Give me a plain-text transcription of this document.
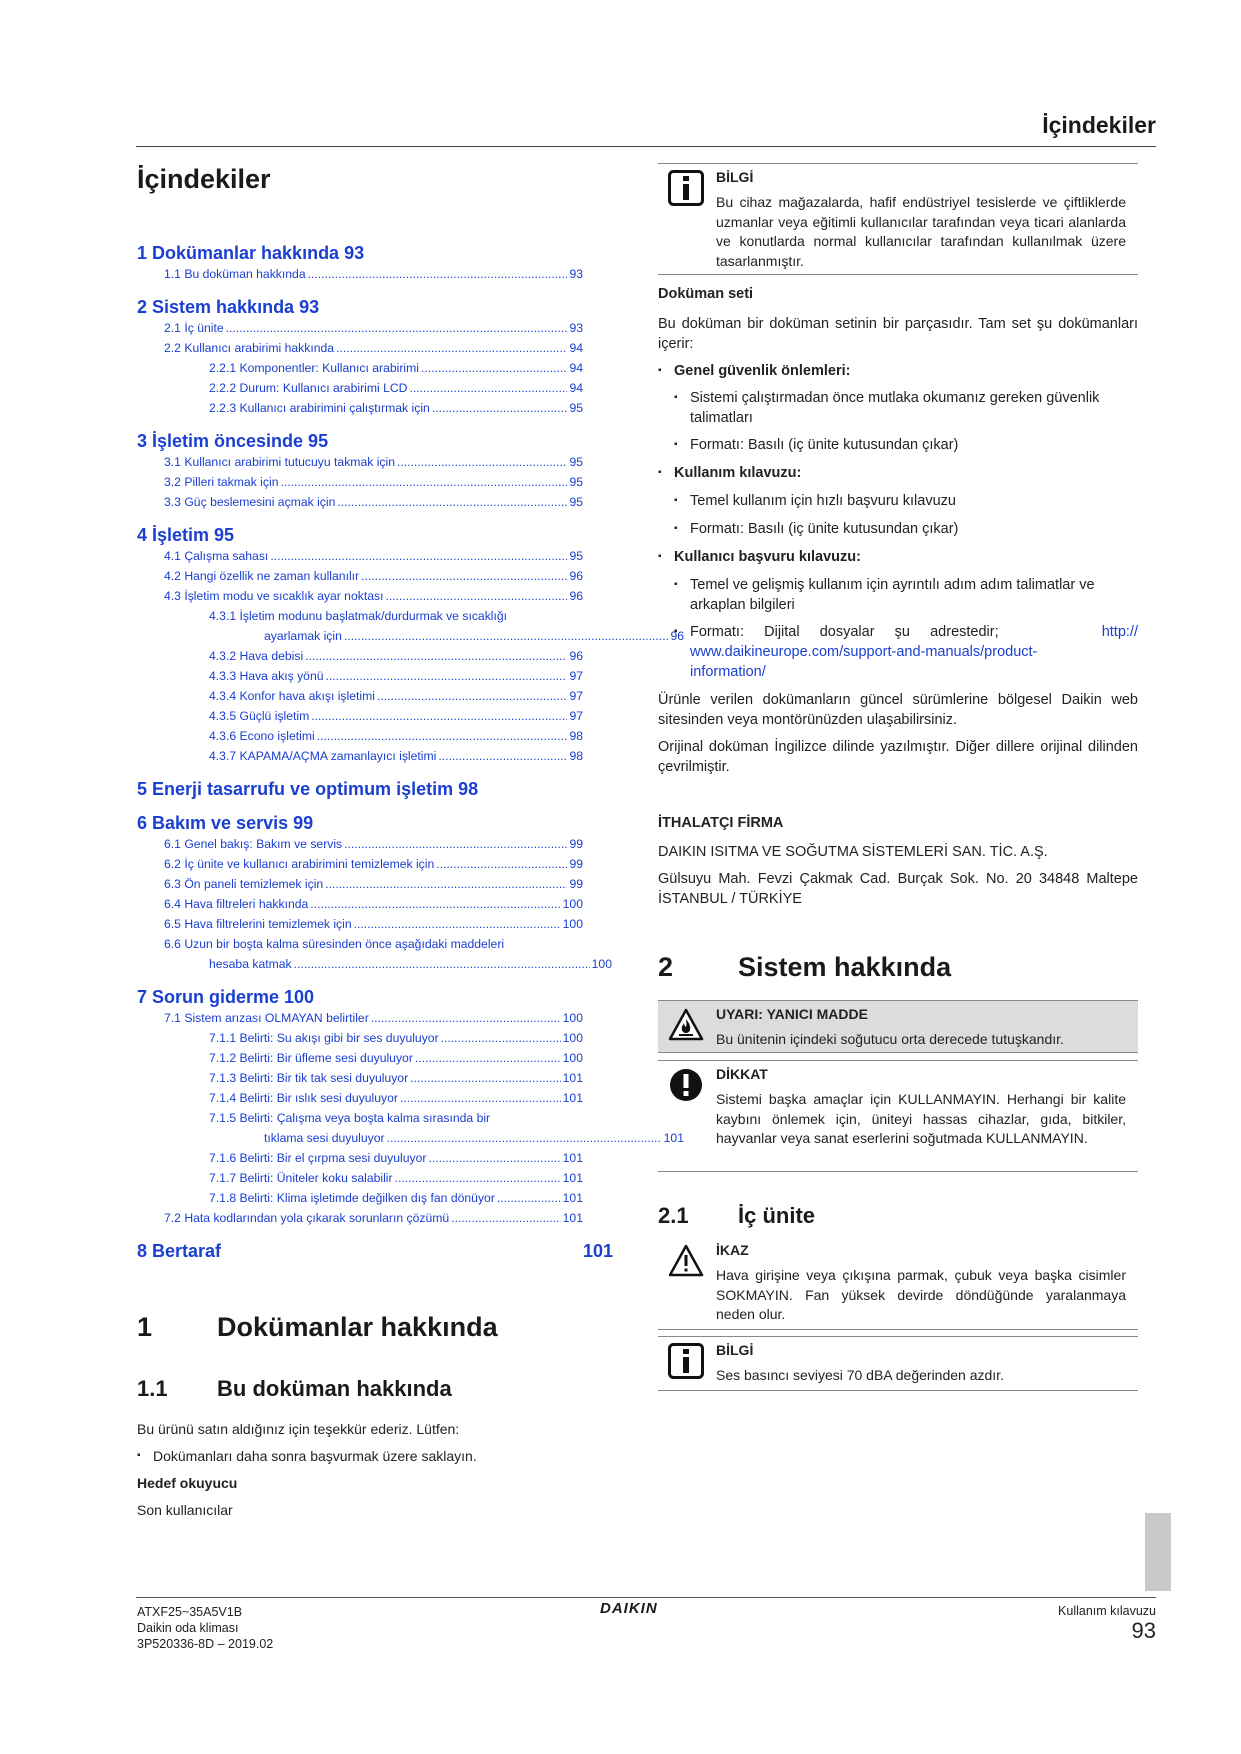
İçindekiler
İçindekiler
1 Dokümanlar hakkında 93
1.1 Bu doküman hakkında .....	93
2 Sistem hakkında 93
2.1 İç ünite .....	93
2.2 Kullanıcı arabirimi hakkında .....	94
2.2.1 Komponentler: Kullanıcı arabirimi .....	94
2.2.2 Durum: Kullanıcı arabirimi LCD .....	94
2.2.3 Kullanıcı arabirimini çalıştırmak için .....	95
3 İşletim öncesinde 95
3.1 Kullanıcı arabirimi tutucuyu takmak için .....	95
3.2 Pilleri takmak için .....	95
3.3 Güç beslemesini açmak için .....	95
4 İşletim 95
4.1 Çalışma sahası .....	95
4.2 Hangi özellik ne zaman kullanılır .....	96
4.3 İşletim modu ve sıcaklık ayar noktası .....	96
4.3.1 İşletim modunu başlatmak/durdurmak ve sıcaklığı
ayarlamak için .....	96
4.3.2 Hava debisi .....	96
4.3.3 Hava akış yönü .....	97
4.3.4 Konfor hava akışı işletimi .....	97
4.3.5 Güçlü işletim .....	97
4.3.6 Econo işletimi .....	98
4.3.7 KAPAMA/AÇMA zamanlayıcı işletimi .....	98
5 Enerji tasarrufu ve optimum işletim 98
6 Bakım ve servis 99
6.1 Genel bakış: Bakım ve servis .....	99
6.2 İç ünite ve kullanıcı arabirimini temizlemek için .....	99
6.3 Ön paneli temizlemek için .....	99
6.4 Hava filtreleri hakkında .....	100
6.5 Hava filtrelerini temizlemek için .....	100
6.6 Uzun bir boşta kalma süresinden önce aşağıdaki maddeleri
hesaba katmak .....	100
7 Sorun giderme 100
7.1 Sistem arızası OLMAYAN belirtiler .....	100
7.1.1 Belirti: Su akışı gibi bir ses duyuluyor .....	100
7.1.2 Belirti: Bir üfleme sesi duyuluyor .....	100
7.1.3 Belirti: Bir tik tak sesi duyuluyor .....	101
7.1.4 Belirti: Bir ıslık sesi duyuluyor .....	101
7.1.5 Belirti: Çalışma veya boşta kalma sırasında bir
tıklama sesi duyuluyor .....	101
7.1.6 Belirti: Bir el çırpma sesi duyuluyor .....	101
7.1.7 Belirti: Üniteler koku salabilir .....	101
7.1.8 Belirti: Klima işletimde değilken dış fan dönüyor .....	101
7.2 Hata kodlarından yola çıkarak sorunların çözümü .....	101
8 Bertaraf	101
1 Dokümanlar hakkında
1.1 Bu doküman hakkında
Bu ürünü satın aldığınız için teşekkür ederiz. Lütfen:
▪ Dokümanları daha sonra başvurmak üzere saklayın.
Hedef okuyucu
Son kullanıcılar
BİLGİ
Bu cihaz mağazalarda, hafif endüstriyel tesislerde ve çiftliklerde uzmanlar veya eğitimli kullanıcılar tarafından veya ticari alanlarda ve konutlarda normal kullanıcılar tarafından kullanılmak üzere tasarlanmıştır.
Doküman seti
Bu doküman bir doküman setinin bir parçasıdır. Tam set şu dokümanları içerir:
▪ Genel güvenlik önlemleri:
▪ Sistemi çalıştırmadan önce mutlaka okumanız gereken güvenlik talimatları
▪ Formatı: Basılı (iç ünite kutusundan çıkar)
▪ Kullanım kılavuzu:
▪ Temel kullanım için hızlı başvuru kılavuzu
▪ Formatı: Basılı (iç ünite kutusundan çıkar)
▪ Kullanıcı başvuru kılavuzu:
▪ Temel ve gelişmiş kullanım için ayrıntılı adım adım talimatlar ve arkaplan bilgileri
▪ Formatı:     Dijital     dosyalar     şu     adrestedir;	http://
www.daikineurope.com/support-and-manuals/product-
information/
Ürünle verilen dokümanların güncel sürümlerine bölgesel Daikin web sitesinden veya montörünüzden ulaşabilirsiniz.
Orijinal doküman İngilizce dilinde yazılmıştır. Diğer dillere orijinal dilinden çevrilmiştir.
İTHALATÇI FİRMA
DAIKIN ISITMA VE SOĞUTMA SİSTEMLERİ SAN. TİC. A.Ş.
Gülsuyu Mah. Fevzi Çakmak Cad. Burçak Sok. No. 20 34848 Maltepe İSTANBUL / TÜRKİYE
2 Sistem hakkında
UYARI: YANICI MADDE
Bu ünitenin içindeki soğutucu orta derecede tutuşkandır.
DİKKAT
Sistemi başka amaçlar için KULLANMAYIN. Herhangi bir kalite kaybını önlemek için, üniteyi hassas cihazlar, gıda, bitkiler, hayvanlar veya sanat eserlerini soğutmada KULLANMAYIN.
2.1 İç ünite
İKAZ
Hava girişine veya çıkışına parmak, çubuk veya başka cisimler SOKMAYIN. Fan yüksek devirde döndüğünde yaralanmaya neden olur.
BİLGİ
Ses basıncı seviyesi 70 dBA değerinden azdır.
ATXF25~35A5V1B
Daikin oda kliması
3P520336-8D – 2019.02
DAIKIN	Kullanım kılavuzu
93
